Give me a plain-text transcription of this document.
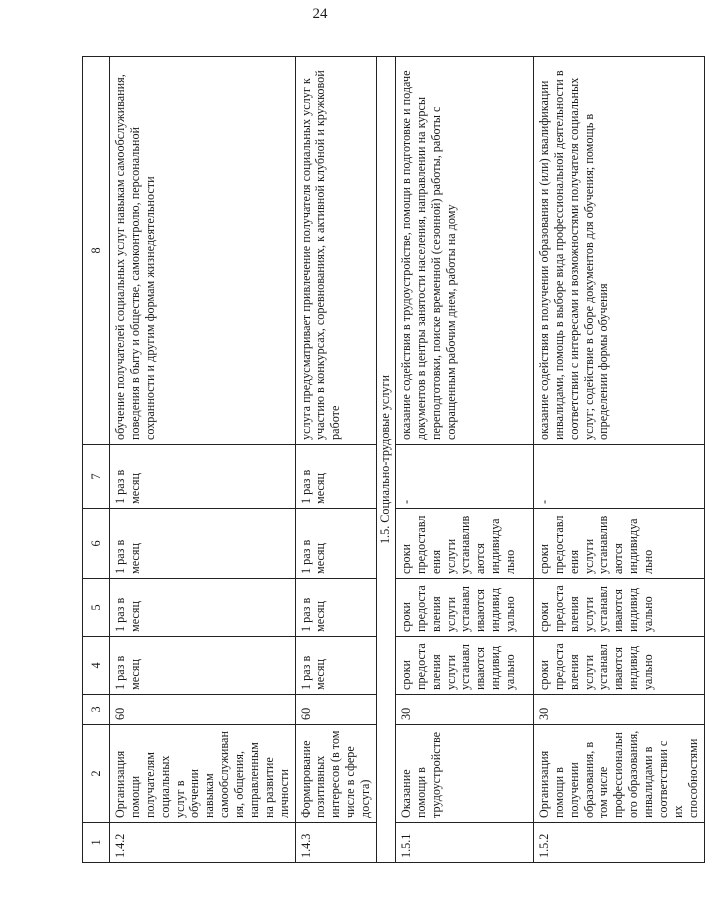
24
1	2	3	4	5	6	7	8
1.4.2	Организация помощи получателям социальных услуг в обучении навыкам самообслуживания, общения, направленным на развитие личности	60	1 раз в месяц	1 раз в месяц	1 раз в месяц	1 раз в месяц	обучение получателей социальных услуг навыкам самообслуживания, поведения в быту и обществе, самоконтролю, персональной сохранности и другим формам жизнедеятельности
1.4.3	Формирование позитивных интересов (в том числе в сфере досуга)	60	1 раз в месяц	1 раз в месяц	1 раз в месяц	1 раз в месяц	услуга предусматривает привлечение получателя социальных услуг к участию в конкурсах, соревнованиях, к активной клубной и кружковой работе
1.5. Социально-трудовые услуги							
1.5.1	Оказание помощи в трудоустройстве	30	сроки предоставления услуги устанавливаются индивидуально	сроки предоставления услуги устанавливаются индивидуально	сроки предоставления услуги устанавливаются индивидуально	-	оказание содействия в трудоустройстве, помощи в подготовке и подаче документов в центры занятости населения, направлении на курсы переподготовки, поиске временной (сезонной) работы, работы с сокращенным рабочим днем, работы на дому
1.5.2	Организация помощи в получении образования, в том числе профессионального образования, инвалидами в соответствии с их способностями	30	сроки предоставления услуги устанавливаются индивидуально	сроки предоставления услуги устанавливаются индивидуально	сроки предоставления услуги устанавливаются индивидуально	-	оказание содействия в получении образования и (или) квалификации инвалидами, помощь в выборе вида профессиональной деятельности в соответствии с интересами и возможностями получателя социальных услуг; содействие в сборе документов для обучения; помощь в определении формы обучения
